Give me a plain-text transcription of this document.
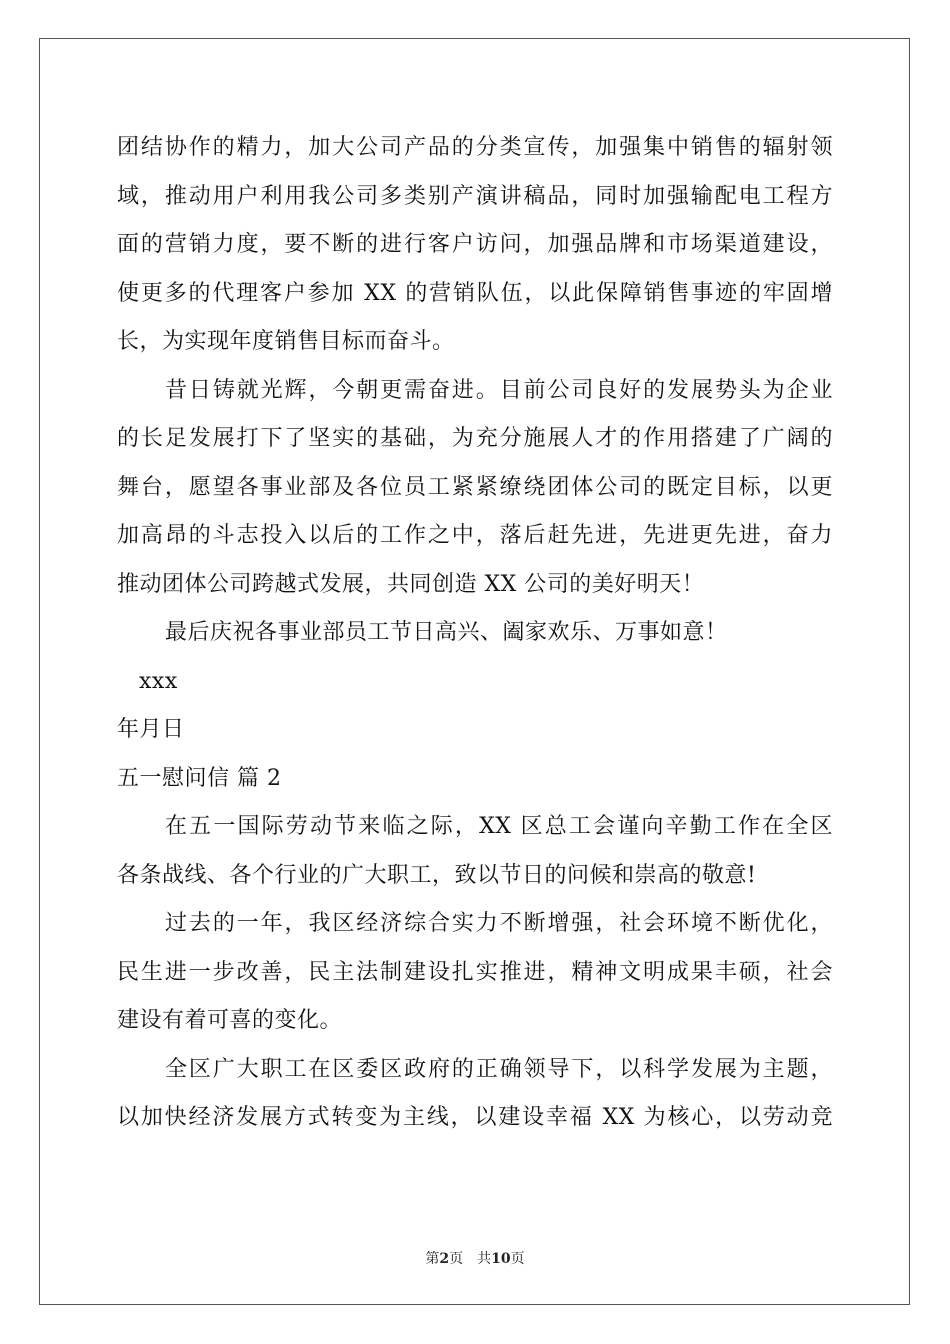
团结协作的精力，加大公司产品的分类宣传，加强集中销售的辐射领
域，推动用户利用我公司多类别产演讲稿品，同时加强输配电工程方
面的营销力度，要不断的进行客户访问，加强品牌和市场渠道建设，
使更多的代理客户参加 XX 的营销队伍，以此保障销售事迹的牢固增
长，为实现年度销售目标而奋斗。
昔日铸就光辉，今朝更需奋进。目前公司良好的发展势头为企业
的长足发展打下了坚实的基础，为充分施展人才的作用搭建了广阔的
舞台，愿望各事业部及各位员工紧紧缭绕团体公司的既定目标，以更
加高昂的斗志投入以后的工作之中，落后赶先进，先进更先进，奋力
推动团体公司跨越式发展，共同创造 XX 公司的美好明天！
最后庆祝各事业部员工节日高兴、阖家欢乐、万事如意！
xxx
年月日
五一慰问信 篇 2
在五一国际劳动节来临之际，XX 区总工会谨向辛勤工作在全区
各条战线、各个行业的广大职工，致以节日的问候和崇高的敬意!
过去的一年，我区经济综合实力不断增强，社会环境不断优化，
民生进一步改善，民主法制建设扎实推进，精神文明成果丰硕，社会
建设有着可喜的变化。
全区广大职工在区委区政府的正确领导下，以科学发展为主题，
以加快经济发展方式转变为主线，以建设幸福 XX 为核心，以劳动竞
第2页　共10页
